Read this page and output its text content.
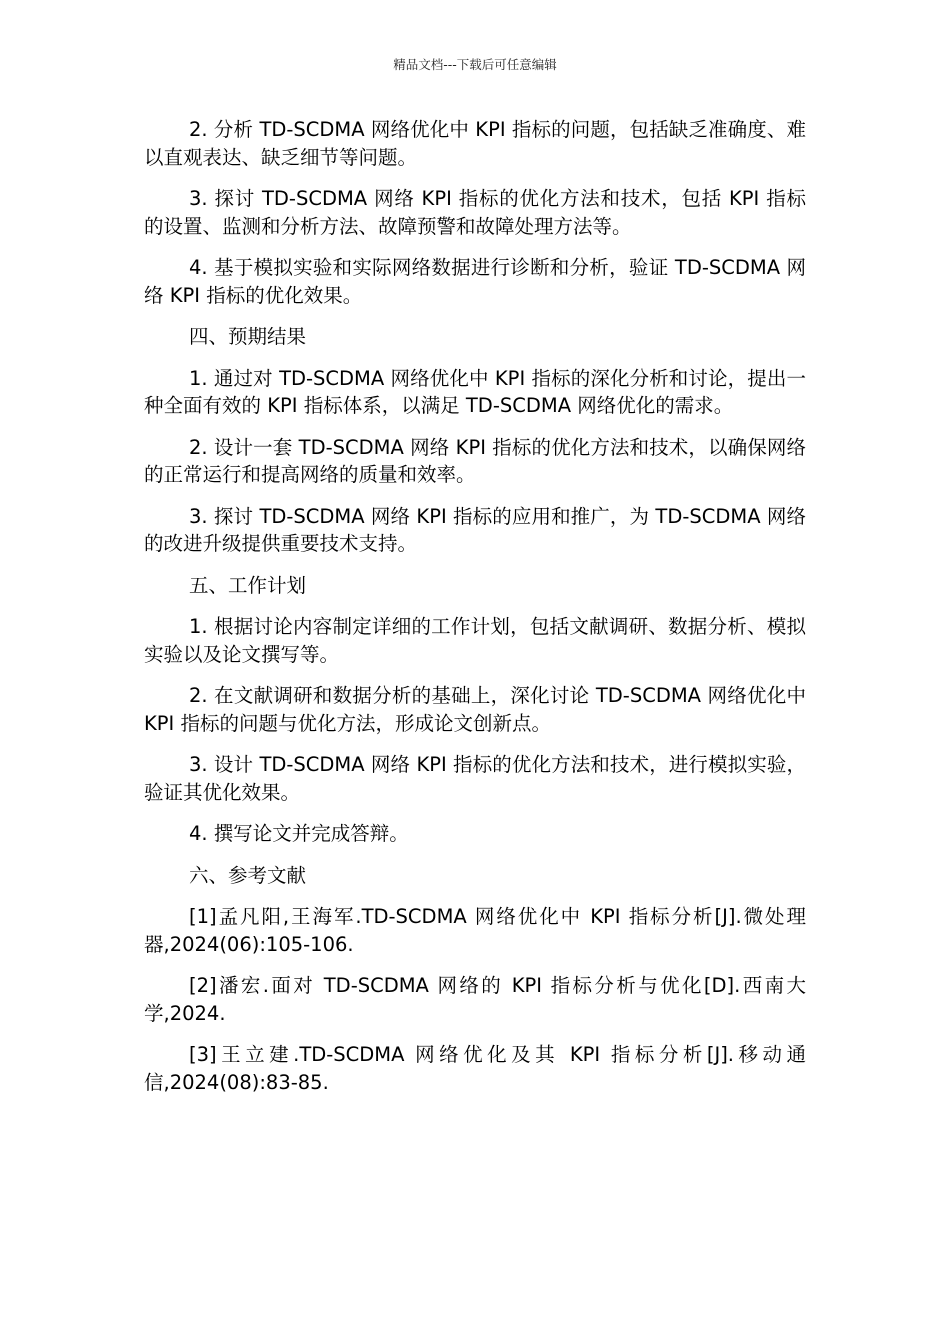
精品文档---下载后可任意编辑

2. 分析 TD-SCDMA 网络优化中 KPI 指标的问题，包括缺乏准确度、难以直观表达、缺乏细节等问题。

3. 探讨 TD-SCDMA 网络 KPI 指标的优化方法和技术，包括 KPI 指标的设置、监测和分析方法、故障预警和故障处理方法等。

4. 基于模拟实验和实际网络数据进行诊断和分析，验证 TD-SCDMA 网络 KPI 指标的优化效果。

四、预期结果

1. 通过对 TD-SCDMA 网络优化中 KPI 指标的深化分析和讨论，提出一种全面有效的 KPI 指标体系，以满足 TD-SCDMA 网络优化的需求。

2. 设计一套 TD-SCDMA 网络 KPI 指标的优化方法和技术，以确保网络的正常运行和提高网络的质量和效率。

3. 探讨 TD-SCDMA 网络 KPI 指标的应用和推广，为 TD-SCDMA 网络的改进升级提供重要技术支持。

五、工作计划

1. 根据讨论内容制定详细的工作计划，包括文献调研、数据分析、模拟实验以及论文撰写等。

2. 在文献调研和数据分析的基础上，深化讨论 TD-SCDMA 网络优化中 KPI 指标的问题与优化方法，形成论文创新点。

3. 设计 TD-SCDMA 网络 KPI 指标的优化方法和技术，进行模拟实验，验证其优化效果。

4. 撰写论文并完成答辩。

六、参考文献

[1]孟凡阳,王海军.TD-SCDMA 网络优化中 KPI 指标分析[J].微处理器,2024(06):105-106.

[2]潘宏.面对 TD-SCDMA 网络的 KPI 指标分析与优化[D].西南大学,2024.

[3]王立建.TD-SCDMA 网络优化及其 KPI 指标分析[J].移动通信,2024(08):83-85.
